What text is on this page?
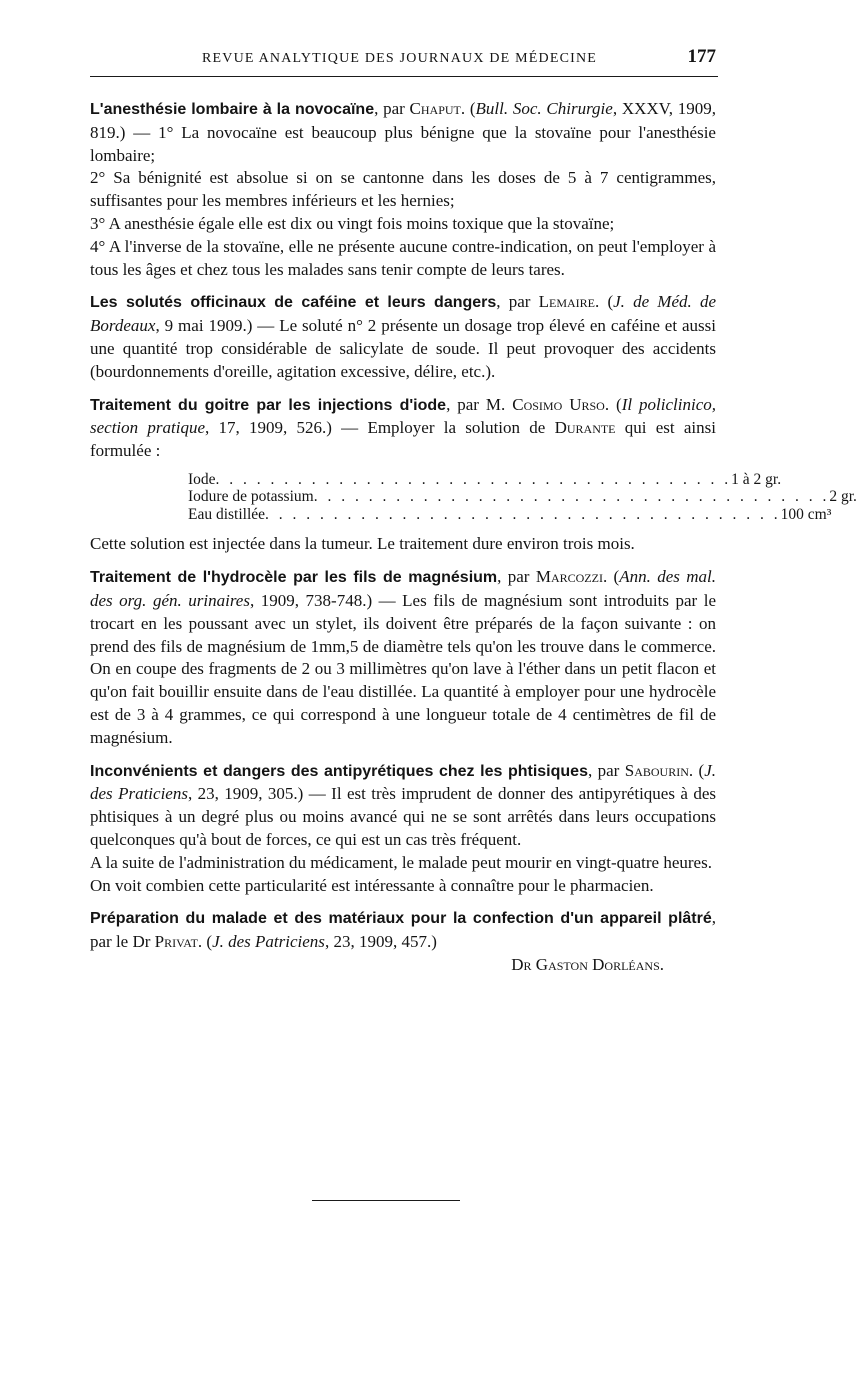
REVUE ANALYTIQUE DES JOURNAUX DE MÉDECINE	177

L'anesthésie lombaire à la novocaïne, par Chaput. (Bull. Soc. Chirurgie, XXXV, 1909, 819.) — 1° La novocaïne est beaucoup plus bénigne que la stovaïne pour l'anesthésie lombaire;

2° Sa bénignité est absolue si on se cantonne dans les doses de 5 à 7 centigrammes, suffisantes pour les membres inférieurs et les hernies;

3° A anesthésie égale elle est dix ou vingt fois moins toxique que la stovaïne;

4° A l'inverse de la stovaïne, elle ne présente aucune contre-indication, on peut l'employer à tous les âges et chez tous les malades sans tenir compte de leurs tares.

Les solutés officinaux de caféine et leurs dangers, par Lemaire. (J. de Méd. de Bordeaux, 9 mai 1909.) — Le soluté n° 2 présente un dosage trop élevé en caféine et aussi une quantité trop considérable de salicylate de soude. Il peut provoquer des accidents (bourdonnements d'oreille, agitation excessive, délire, etc.).

Traitement du goitre par les injections d'iode, par M. Cosimo Urso. (Il policlinico, section pratique, 17, 1909, 526.) — Employer la solution de Durante qui est ainsi formulée :

Iode . . . . . . . . . . . . . . . . . . . . . . . . . . . . . . . . . . . . . . 1 à 2 gr.
Iodure de potassium . . . . . . . . . . . . . . . . . . . . . . . . . . . . . . . . . . . . . . 2 gr.
Eau distillée . . . . . . . . . . . . . . . . . . . . . . . . . . . . . . . . . . . . . . 100 cm³

Cette solution est injectée dans la tumeur. Le traitement dure environ trois mois.

Traitement de l'hydrocèle par les fils de magnésium, par Marcozzi. (Ann. des mal. des org. gén. urinaires, 1909, 738-748.) — Les fils de magnésium sont introduits par le trocart en les poussant avec un stylet, ils doivent être préparés de la façon suivante : on prend des fils de magnésium de 1mm,5 de diamètre tels qu'on les trouve dans le commerce. On en coupe des fragments de 2 ou 3 millimètres qu'on lave à l'éther dans un petit flacon et qu'on fait bouillir ensuite dans de l'eau distillée. La quantité à employer pour une hydrocèle est de 3 à 4 grammes, ce qui correspond à une longueur totale de 4 centimètres de fil de magnésium.

Inconvénients et dangers des antipyrétiques chez les phtisiques, par Sabourin. (J. des Praticiens, 23, 1909, 305.) — Il est très imprudent de donner des antipyrétiques à des phtisiques à un degré plus ou moins avancé qui ne se sont arrêtés dans leurs occupations quelconques qu'à bout de forces, ce qui est un cas très fréquent.

A la suite de l'administration du médicament, le malade peut mourir en vingt-quatre heures.

On voit combien cette particularité est intéressante à connaître pour le pharmacien.

Préparation du malade et des matériaux pour la confection d'un appareil plâtré, par le Dr Privat. (J. des Patriciens, 23, 1909, 457.)

Dr Gaston Dorléans.
